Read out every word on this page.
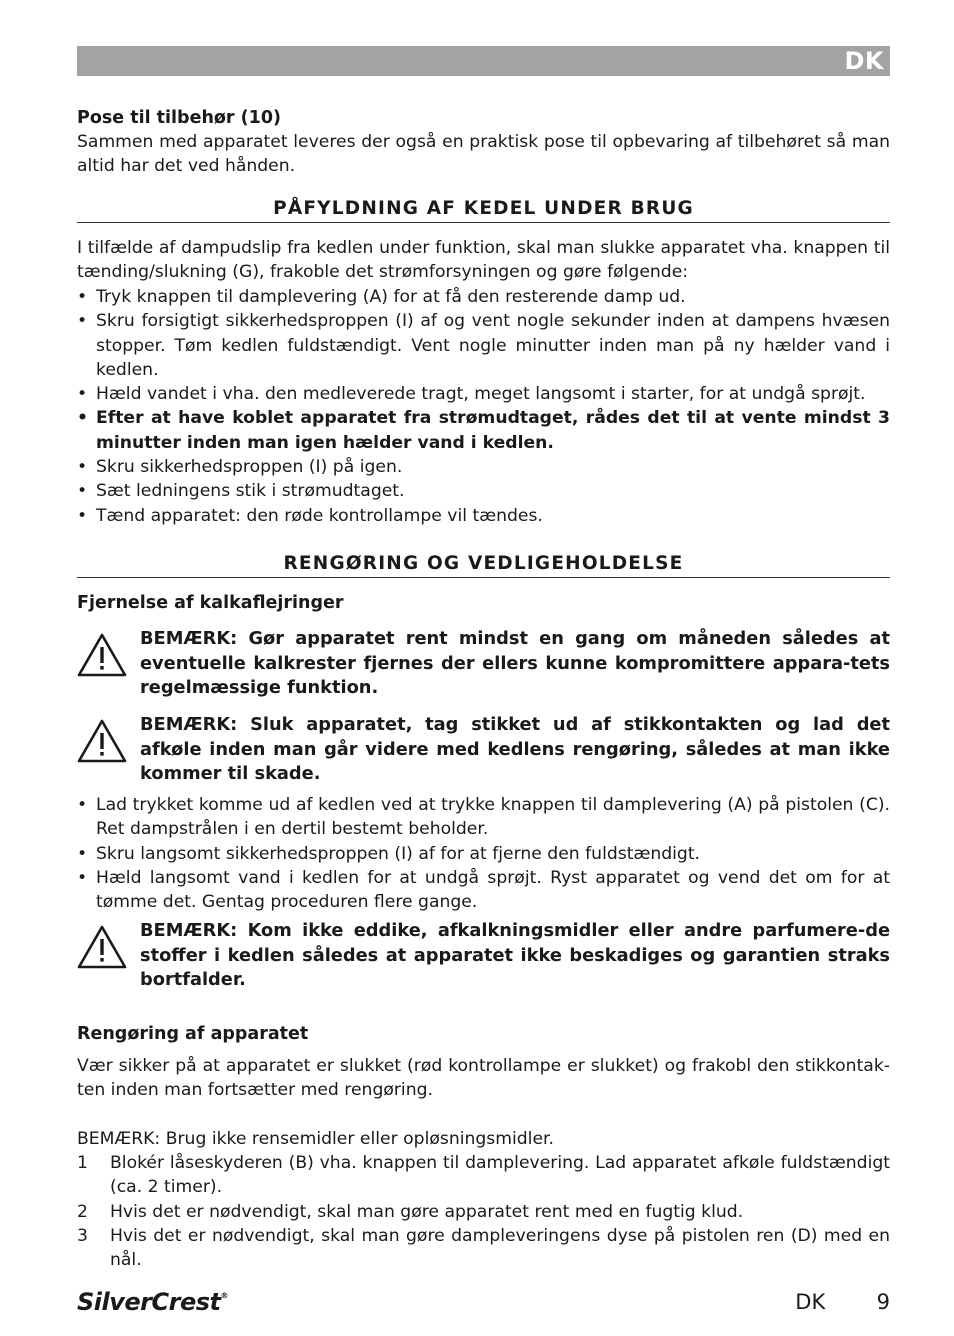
DK
Pose til tilbehør (10)
Sammen med apparatet leveres der også en praktisk pose til opbevaring af tilbehøret så man altid har det ved hånden.
PÅFYLDNING AF KEDEL UNDER BRUG
I tilfælde af dampudslip fra kedlen under funktion, skal man slukke apparatet vha. knappen til tænding/slukning (G), frakoble det strømforsyningen og gøre følgende:
• Tryk knappen til damplevering (A) for at få den resterende damp ud.
• Skru forsigtigt sikkerhedsproppen (I) af og vent nogle sekunder inden at dampens hvæsen stopper. Tøm kedlen fuldstændigt. Vent nogle minutter inden man på ny hælder vand i kedlen.
• Hæld vandet i vha. den medleverede tragt, meget langsomt i starter, for at undgå sprøjt.
• Efter at have koblet apparatet fra strømudtaget, rådes det til at vente mindst 3 minutter inden man igen hælder vand i kedlen.
• Skru sikkerhedsproppen (I) på igen.
• Sæt ledningens stik i strømudtaget.
• Tænd apparatet: den røde kontrollampe vil tændes.
RENGØRING OG VEDLIGEHOLDELSE
Fjernelse af kalkaflejringer
BEMÆRK: Gør apparatet rent mindst en gang om måneden således at eventuelle kalkrester fjernes der ellers kunne kompromittere appara-tets regelmæssige funktion.
BEMÆRK: Sluk apparatet, tag stikket ud af stikkontakten og lad det afkøle inden man går videre med kedlens rengøring, således at man ikke kommer til skade.
• Lad trykket komme ud af kedlen ved at trykke knappen til damplevering (A) på pistolen (C). Ret dampstrålen i en dertil bestemt beholder.
• Skru langsomt sikkerhedsproppen (I) af for at fjerne den fuldstændigt.
• Hæld langsomt vand i kedlen for at undgå sprøjt. Ryst apparatet og vend det om for at tømme det. Gentag proceduren flere gange.
BEMÆRK: Kom ikke eddike, afkalkningsmidler eller andre parfumere-de stoffer i kedlen således at apparatet ikke beskadiges og garantien straks bortfalder.
Rengøring af apparatet
Vær sikker på at apparatet er slukket (rød kontrollampe er slukket) og frakobl den stikkontak-ten inden man fortsætter med rengøring.
BEMÆRK: Brug ikke rensemidler eller opløsningsmidler.
1 Blokér låseskyderen (B) vha. knappen til damplevering. Lad apparatet afkøle fuldstændigt (ca. 2 timer).
2 Hvis det er nødvendigt, skal man gøre apparatet rent med en fugtig klud.
3 Hvis det er nødvendigt, skal man gøre dampleveringens dyse på pistolen ren (D) med en nål.
SilverCrest®	DK 9
